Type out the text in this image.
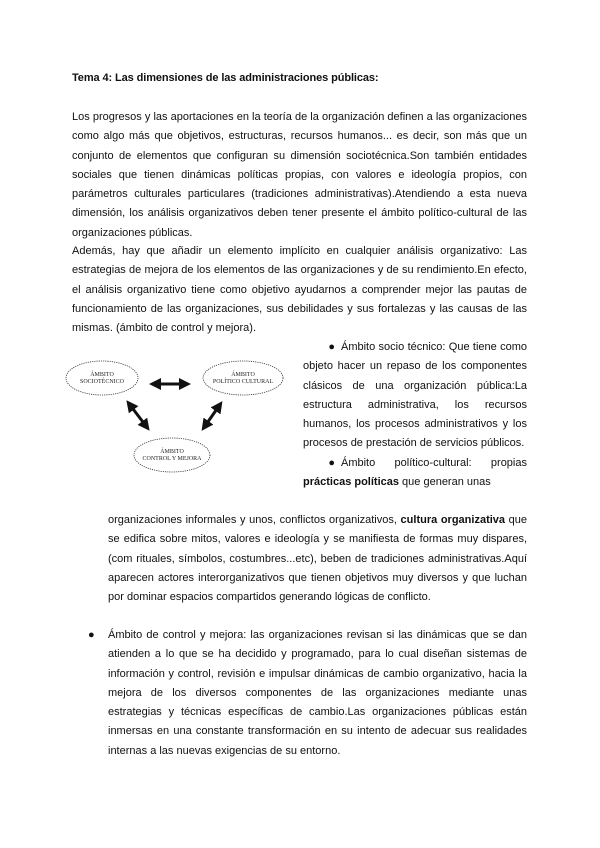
Tema 4: Las dimensiones de las administraciones públicas:
Los progresos y las aportaciones en la teoría de la organización definen a las organizaciones como algo más que objetivos, estructuras, recursos humanos... es decir, son más que un conjunto de elementos que configuran su dimensión sociotécnica.Son también entidades sociales que tienen dinámicas políticas propias, con valores e ideología propios, con parámetros culturales particulares (tradiciones administrativas).Atendiendo a esta nueva dimensión, los análisis organizativos deben tener presente el ámbito político-cultural de las organizaciones públicas.
Además, hay que añadir un elemento implícito en cualquier análisis organizativo: Las estrategias de mejora de los elementos de las organizaciones y de su rendimiento.En efecto, el análisis organizativo tiene como objetivo ayudarnos a comprender mejor las pautas de funcionamiento de las organizaciones, sus debilidades y sus fortalezas y las causas de las mismas. (ámbito de control y mejora).
ÁMBITO
SOCIOTÉCNICO
ÁMBITO
POLÍTICO CULTURAL
ÁMBITO
CONTROL Y MEJORA
● Ámbito socio técnico: Que tiene como objeto hacer un repaso de los componentes clásicos de una organización pública:La estructura administrativa, los recursos humanos, los procesos administrativos y los procesos de prestación de servicios públicos.
● Ámbito político-cultural: propias prácticas políticas que generan unas
organizaciones informales y unos, conflictos organizativos, cultura organizativa que se edifica sobre mitos, valores e ideología y se manifiesta de formas muy dispares,(com rituales, símbolos, costumbres...etc), beben de tradiciones administrativas.Aquí aparecen actores interorganizativos que tienen objetivos muy diversos y que luchan por dominar espacios compartidos generando lógicas de conflicto.
● Ámbito de control y mejora: las organizaciones revisan si las dinámicas que se dan atienden a lo que se ha decidido y programado, para lo cual diseñan sistemas de información y control, revisión e impulsar dinámicas de cambio organizativo, hacia la mejora de los diversos componentes de las organizaciones mediante unas estrategias y técnicas específicas de cambio.Las organizaciones públicas están inmersas en una constante transformación en su intento de adecuar sus realidades internas a las nuevas exigencias de su entorno.
